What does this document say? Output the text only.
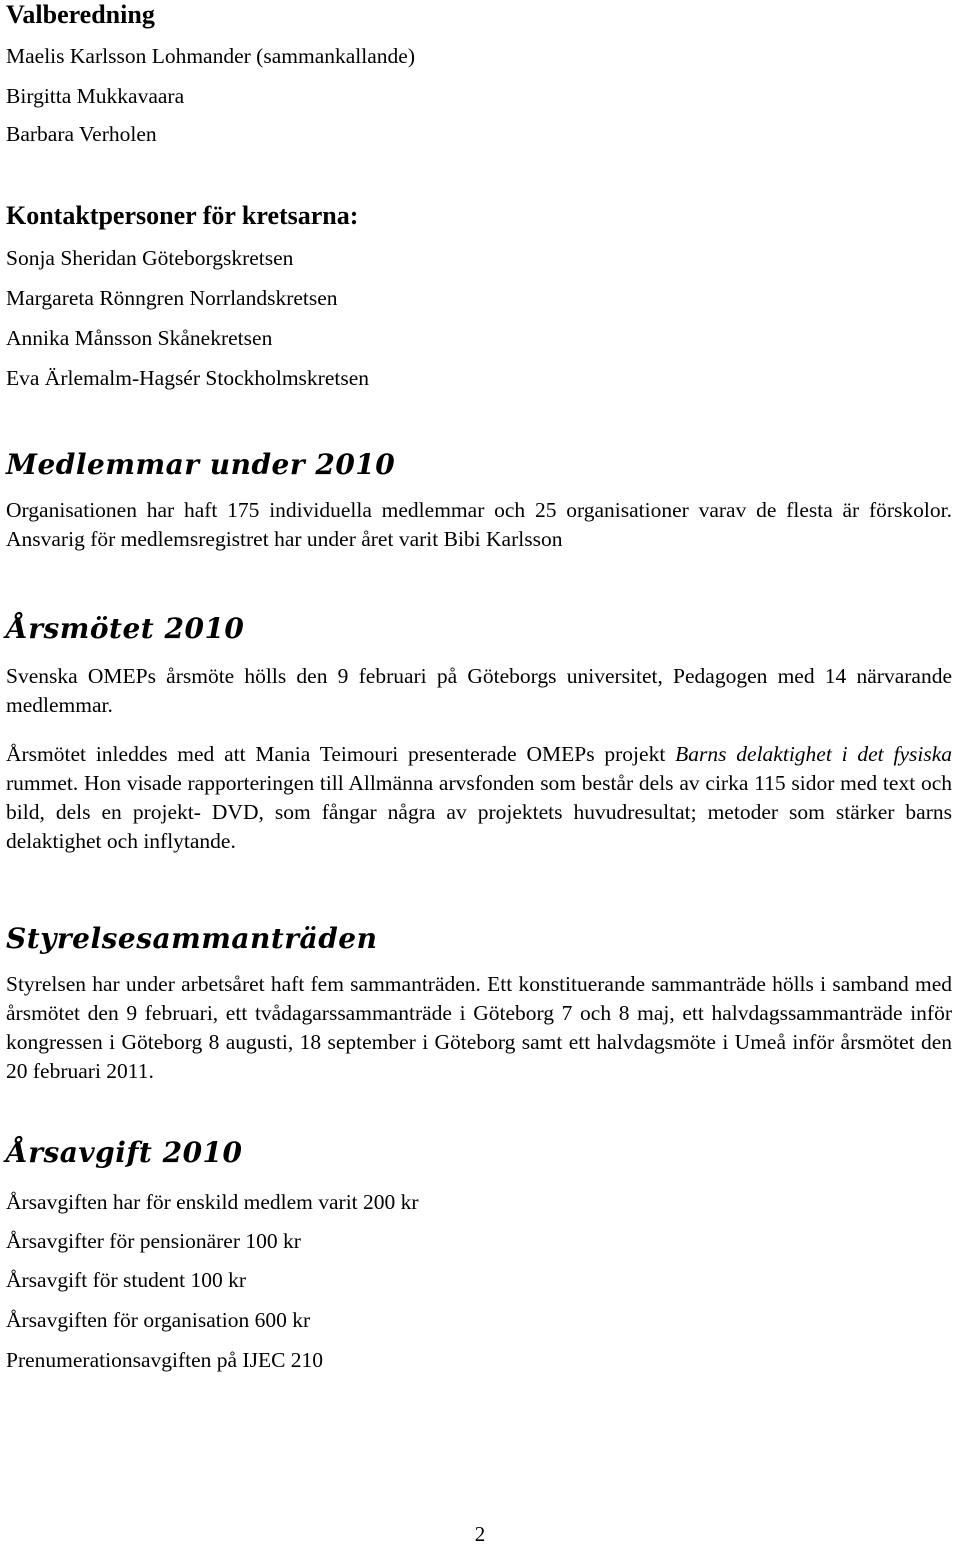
Valberedning
Maelis Karlsson Lohmander (sammankallande)
Birgitta Mukkavaara
Barbara Verholen
Kontaktpersoner för kretsarna:
Sonja Sheridan Göteborgskretsen
Margareta Rönngren Norrlandskretsen
Annika Månsson Skånekretsen
Eva Ärlemalm-Hagsér Stockholmskretsen
Medlemmar under 2010

Organisationen har haft 175 individuella medlemmar och 25 organisationer varav de flesta är förskolor. Ansvarig för medlemsregistret har under året varit Bibi Karlsson

Årsmötet 2010

Svenska OMEPs årsmöte hölls den 9 februari på Göteborgs universitet, Pedagogen med 14 närvarande medlemmar.

Årsmötet inleddes med att Mania Teimouri presenterade OMEPs projekt Barns delaktighet i det fysiska rummet. Hon visade rapporteringen till Allmänna arvsfonden som består dels av cirka 115 sidor med text och bild, dels en projekt- DVD, som fångar några av projektets huvudresultat; metoder som stärker barns delaktighet och inflytande.

Styrelsesammanträden

Styrelsen har under arbetsåret haft fem sammanträden. Ett konstituerande sammanträde hölls i samband med årsmötet den 9 februari, ett tvådagarssammanträde i Göteborg 7 och 8 maj, ett halvdagssammanträde inför kongressen i Göteborg 8 augusti, 18 september i Göteborg samt ett halvdagsmöte i Umeå inför årsmötet den 20 februari 2011.

Årsavgift 2010
Årsavgiften har för enskild medlem varit 200 kr
Årsavgifter för pensionärer 100 kr
Årsavgift för student 100 kr
Årsavgiften för organisation 600 kr
Prenumerationsavgiften på IJEC 210
2
